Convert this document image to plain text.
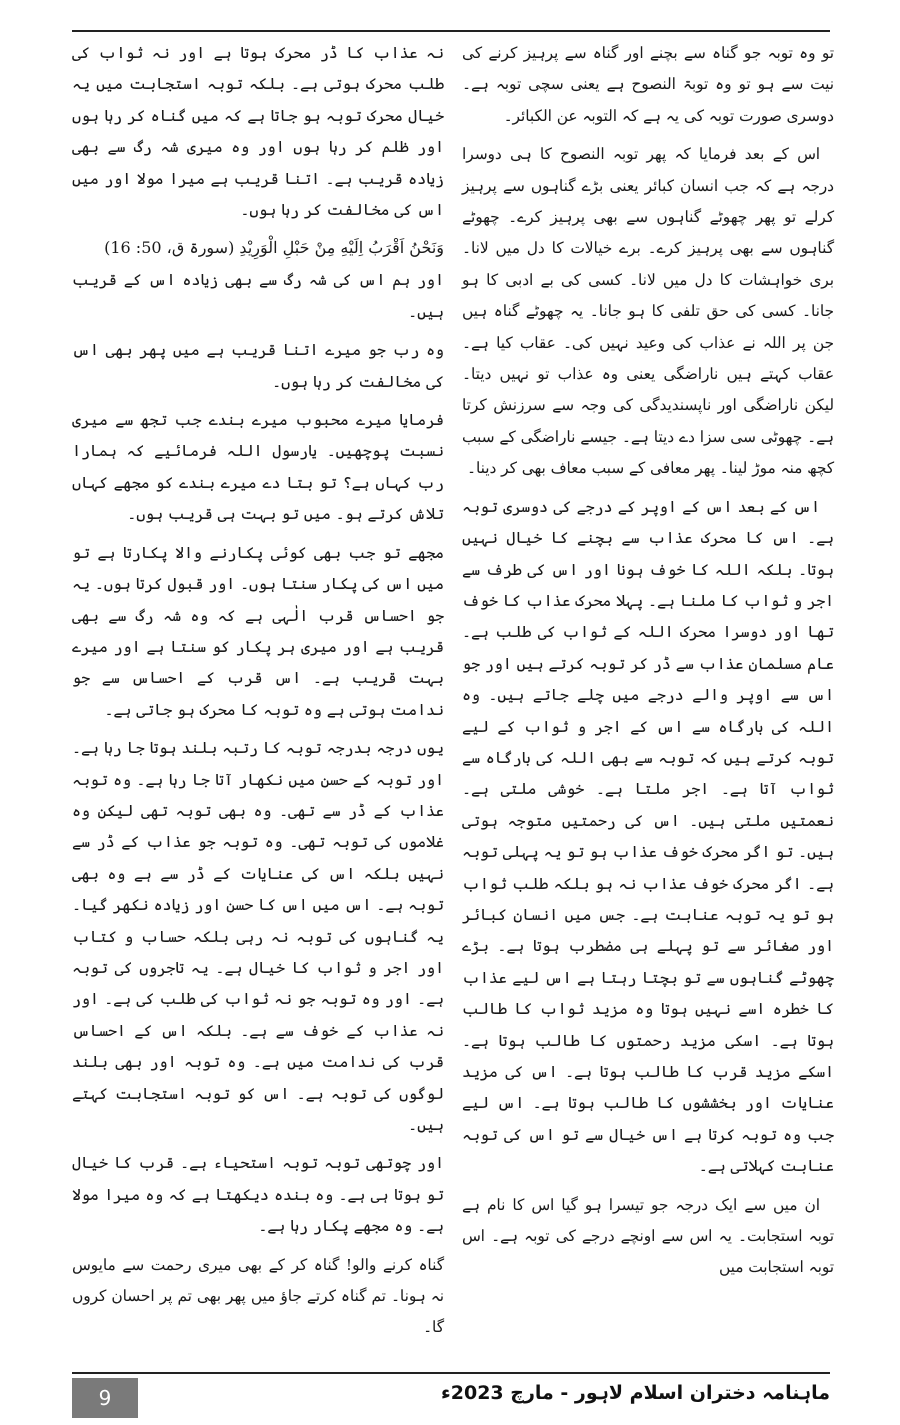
تو وہ توبہ جو گناہ سے بچنے اور گناہ سے پرہیز کرنے کی نیت سے ہو تو وہ توبۃ النصوح ہے یعنی سچی توبہ ہے۔ دوسری صورت توبہ کی یہ ہے کہ التوبہ عن الکبائر۔

اس کے بعد فرمایا کہ پھر توبہ النصوح کا ہی دوسرا درجہ ہے کہ جب انسان کبائر یعنی بڑے گناہوں سے پرہیز کرلے تو پھر چھوٹے گناہوں سے بھی پرہیز کرے۔ چھوٹے گناہوں سے بھی پرہیز کرے۔ برے خیالات کا دل میں لانا۔ بری خواہشات کا دل میں لانا۔ کسی کی بے ادبی کا ہو جانا۔ کسی کی حق تلفی کا ہو جانا۔ یہ چھوٹے گناہ ہیں جن پر اللہ نے عذاب کی وعید نہیں کی۔ عقاب کیا ہے۔ عقاب کہتے ہیں ناراضگی یعنی وہ عذاب تو نہیں دیتا۔ لیکن ناراضگی اور ناپسندیدگی کی وجہ سے سرزنش کرتا ہے۔ چھوٹی سی سزا دے دیتا ہے۔ جیسے ناراضگی کے سبب کچھ منہ موڑ لینا۔ پھر معافی کے سبب معاف بھی کر دینا۔

اس کے بعد اس کے اوپر کے درجے کی دوسری توبہ ہے۔ اس کا محرک عذاب سے بچنے کا خیال نہیں ہوتا۔ بلکہ اللہ کا خوف ہونا اور اس کی طرف سے اجر و ثواب کا ملنا ہے۔ پہلا محرک عذاب کا خوف تھا اور دوسرا محرک اللہ کے ثواب کی طلب ہے۔ عام مسلمان عذاب سے ڈر کر توبہ کرتے ہیں اور جو اس سے اوپر والے درجے میں چلے جاتے ہیں۔ وہ اللہ کی بارگاہ سے اس کے اجر و ثواب کے لیے توبہ کرتے ہیں کہ توبہ سے بھی اللہ کی بارگاہ سے ثواب آتا ہے۔ اجر ملتا ہے۔ خوشی ملتی ہے۔ نعمتیں ملتی ہیں۔ اس کی رحمتیں متوجہ ہوتی ہیں۔ تو اگر محرک خوف عذاب ہو تو یہ پہلی توبہ ہے۔ اگر محرک خوف عذاب نہ ہو بلکہ طلب ثواب ہو تو یہ توبہ عنابت ہے۔ جس میں انسان کبائر اور صغائر سے تو پہلے ہی مضطرب ہوتا ہے۔ بڑے چھوٹے گناہوں سے تو بچتا رہتا ہے اس لیے عذاب کا خطرہ اسے نہیں ہوتا وہ مزید ثواب کا طالب ہوتا ہے۔ اسکی مزید رحمتوں کا طالب ہوتا ہے۔ اسکے مزید قرب کا طالب ہوتا ہے۔ اس کی مزید عنایات اور بخششوں کا طالب ہوتا ہے۔ اس لیے جب وہ توبہ کرتا ہے اس خیال سے تو اس کی توبہ عنابت کہلاتی ہے۔

ان میں سے ایک درجہ جو تیسرا ہو گیا اس کا نام ہے توبہ استجابت۔ یہ اس سے اونچے درجے کی توبہ ہے۔ اس توبہ استجابت میں

نہ عذاب کا ڈر محرک ہوتا ہے اور نہ ثواب کی طلب محرک ہوتی ہے۔ بلکہ توبہ استجابت میں یہ خیال محرک توبہ ہو جاتا ہے کہ میں گناہ کر رہا ہوں اور ظلم کر رہا ہوں اور وہ میری شہ رگ سے بھی زیادہ قریب ہے۔ اتنا قریب ہے میرا مولا اور میں اس کی مخالفت کر رہا ہوں۔

وَنَحْنُ اَقْرَبُ اِلَيْهِ مِنْ حَبْلِ الْوَرِيْدِ (سورۃ ق، 50: 16)

اور ہم اس کی شہ رگ سے بھی زیادہ اس کے قریب ہیں۔

وہ رب جو میرے اتنا قریب ہے میں پھر بھی اس کی مخالفت کر رہا ہوں۔

فرمایا میرے محبوب میرے بندے جب تجھ سے میری نسبت پوچھیں۔ یارسول اللہ فرمائیے کہ ہمارا رب کہاں ہے؟ تو بتا دے میرے بندے کو مجھے کہاں تلاش کرتے ہو۔ میں تو بہت ہی قریب ہوں۔

مجھے تو جب بھی کوئی پکارنے والا پکارتا ہے تو میں اس کی پکار سنتا ہوں۔ اور قبول کرتا ہوں۔ یہ جو احساس قرب الٰہی ہے کہ وہ شہ رگ سے بھی قریب ہے اور میری ہر پکار کو سنتا ہے اور میرے بہت قریب ہے۔ اس قرب کے احساس سے جو ندامت ہوتی ہے وہ توبہ کا محرک ہو جاتی ہے۔

یوں درجہ بدرجہ توبہ کا رتبہ بلند ہوتا جا رہا ہے۔ اور توبہ کے حسن میں نکھار آتا جا رہا ہے۔ وہ توبہ عذاب کے ڈر سے تھی۔ وہ بھی توبہ تھی لیکن وہ غلاموں کی توبہ تھی۔ وہ توبہ جو عذاب کے ڈر سے نہیں بلکہ اس کی عنایات کے ڈر سے ہے وہ بھی توبہ ہے۔ اس میں اس کا حسن اور زیادہ نکھر گیا۔ یہ گناہوں کی توبہ نہ رہی بلکہ حساب و کتاب اور اجر و ثواب کا خیال ہے۔ یہ تاجروں کی توبہ ہے۔ اور وہ توبہ جو نہ ثواب کی طلب کی ہے۔ اور نہ عذاب کے خوف سے ہے۔ بلکہ اس کے احساس قرب کی ندامت میں ہے۔ وہ توبہ اور بھی بلند لوگوں کی توبہ ہے۔ اس کو توبہ استجابت کہتے ہیں۔

اور چوتھی توبہ توبہ استحیاء ہے۔ قرب کا خیال تو ہوتا ہی ہے۔ وہ بندہ دیکھتا ہے کہ وہ میرا مولا ہے۔ وہ مجھے پکار رہا ہے۔

گناہ کرنے والو! گناہ کر کے بھی میری رحمت سے مایوس نہ ہونا۔ تم گناہ کرتے جاؤ میں پھر بھی تم پر احسان کروں گا۔

9	ماہنامہ دختران اسلام لاہور - مارچ 2023ء
